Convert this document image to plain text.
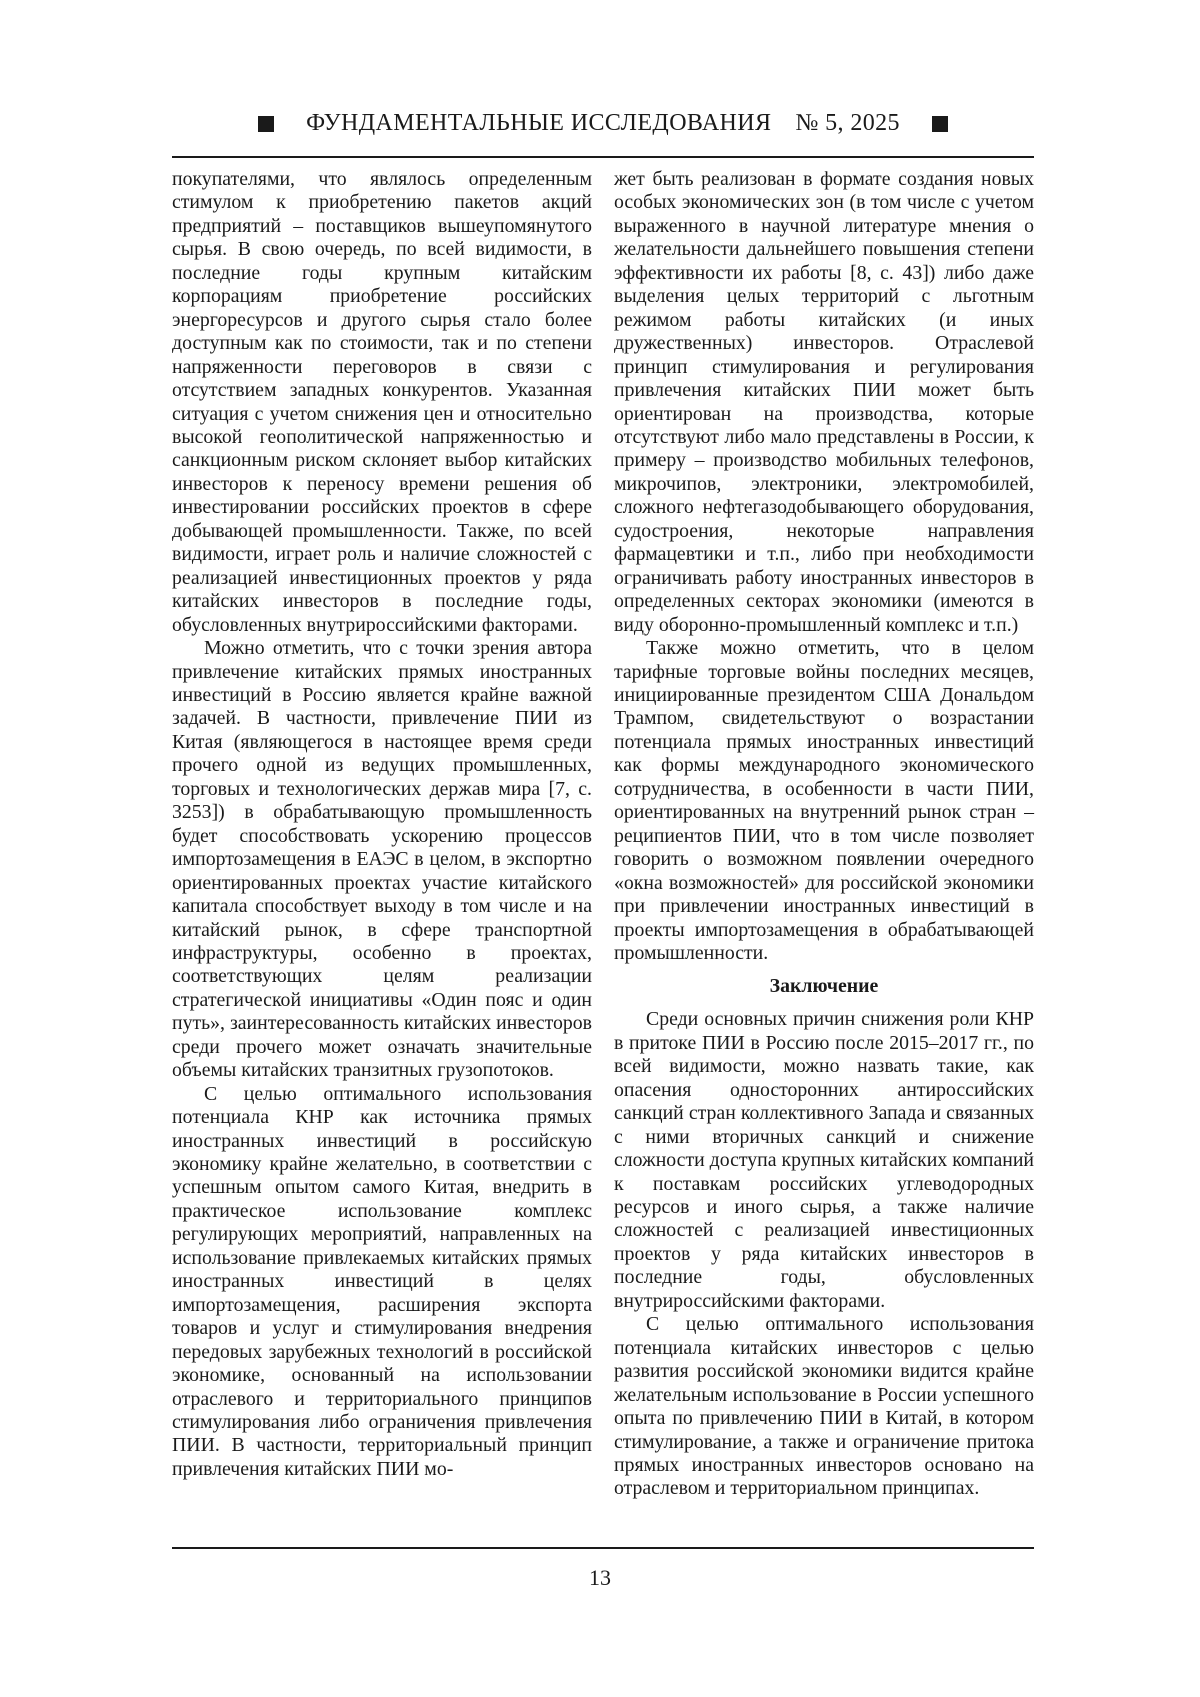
ФУНДАМЕНТАЛЬНЫЕ ИССЛЕДОВАНИЯ № 5, 2025

покупателями, что являлось определенным стимулом к приобретению пакетов акций предприятий – поставщиков вышеупомянутого сырья. В свою очередь, по всей видимости, в последние годы крупным китайским корпорациям приобретение российских энергоресурсов и другого сырья стало более доступным как по стоимости, так и по степени напряженности переговоров в связи с отсутствием западных конкурентов. Указанная ситуация с учетом снижения цен и относительно высокой геополитической напряженностью и санкционным риском склоняет выбор китайских инвесторов к переносу времени решения об инвестировании российских проектов в сфере добывающей промышленности. Также, по всей видимости, играет роль и наличие сложностей с реализацией инвестиционных проектов у ряда китайских инвесторов в последние годы, обусловленных внутрироссийскими факторами.

Можно отметить, что с точки зрения автора привлечение китайских прямых иностранных инвестиций в Россию является крайне важной задачей. В частности, привлечение ПИИ из Китая (являющегося в настоящее время среди прочего одной из ведущих промышленных, торговых и технологических держав мира [7, с. 3253]) в обрабатывающую промышленность будет способствовать ускорению процессов импортозамещения в ЕАЭС в целом, в экспортно ориентированных проектах участие китайского капитала способствует выходу в том числе и на китайский рынок, в сфере транспортной инфраструктуры, особенно в проектах, соответствующих целям реализации стратегической инициативы «Один пояс и один путь», заинтересованность китайских инвесторов среди прочего может означать значительные объемы китайских транзитных грузопотоков.

С целью оптимального использования потенциала КНР как источника прямых иностранных инвестиций в российскую экономику крайне желательно, в соответствии с успешным опытом самого Китая, внедрить в практическое использование комплекс регулирующих мероприятий, направленных на использование привлекаемых китайских прямых иностранных инвестиций в целях импортозамещения, расширения экспорта товаров и услуг и стимулирования внедрения передовых зарубежных технологий в российской экономике, основанный на использовании отраслевого и территориального принципов стимулирования либо ограничения привлечения ПИИ. В частности, территориальный принцип привлечения китайских ПИИ мо-

жет быть реализован в формате создания новых особых экономических зон (в том числе с учетом выраженного в научной литературе мнения о желательности дальнейшего повышения степени эффективности их работы [8, с. 43]) либо даже выделения целых территорий с льготным режимом работы китайских (и иных дружественных) инвесторов. Отраслевой принцип стимулирования и регулирования привлечения китайских ПИИ может быть ориентирован на производства, которые отсутствуют либо мало представлены в России, к примеру – производство мобильных телефонов, микрочипов, электроники, электромобилей, сложного нефтегазодобывающего оборудования, судостроения, некоторые направления фармацевтики и т.п., либо при необходимости ограничивать работу иностранных инвесторов в определенных секторах экономики (имеются в виду оборонно-промышленный комплекс и т.п.)

Также можно отметить, что в целом тарифные торговые войны последних месяцев, инициированные президентом США Дональдом Трампом, свидетельствуют о возрастании потенциала прямых иностранных инвестиций как формы международного экономического сотрудничества, в особенности в части ПИИ, ориентированных на внутренний рынок стран – реципиентов ПИИ, что в том числе позволяет говорить о возможном появлении очередного «окна возможностей» для российской экономики при привлечении иностранных инвестиций в проекты импортозамещения в обрабатывающей промышленности.

Заключение

Среди основных причин снижения роли КНР в притоке ПИИ в Россию после 2015–2017 гг., по всей видимости, можно назвать такие, как опасения односторонних антироссийских санкций стран коллективного Запада и связанных с ними вторичных санкций и снижение сложности доступа крупных китайских компаний к поставкам российских углеводородных ресурсов и иного сырья, а также наличие сложностей с реализацией инвестиционных проектов у ряда китайских инвесторов в последние годы, обусловленных внутрироссийскими факторами.

С целью оптимального использования потенциала китайских инвесторов с целью развития российской экономики видится крайне желательным использование в России успешного опыта по привлечению ПИИ в Китай, в котором стимулирование, а также и ограничение притока прямых иностранных инвесторов основано на отраслевом и территориальном принципах.

13
